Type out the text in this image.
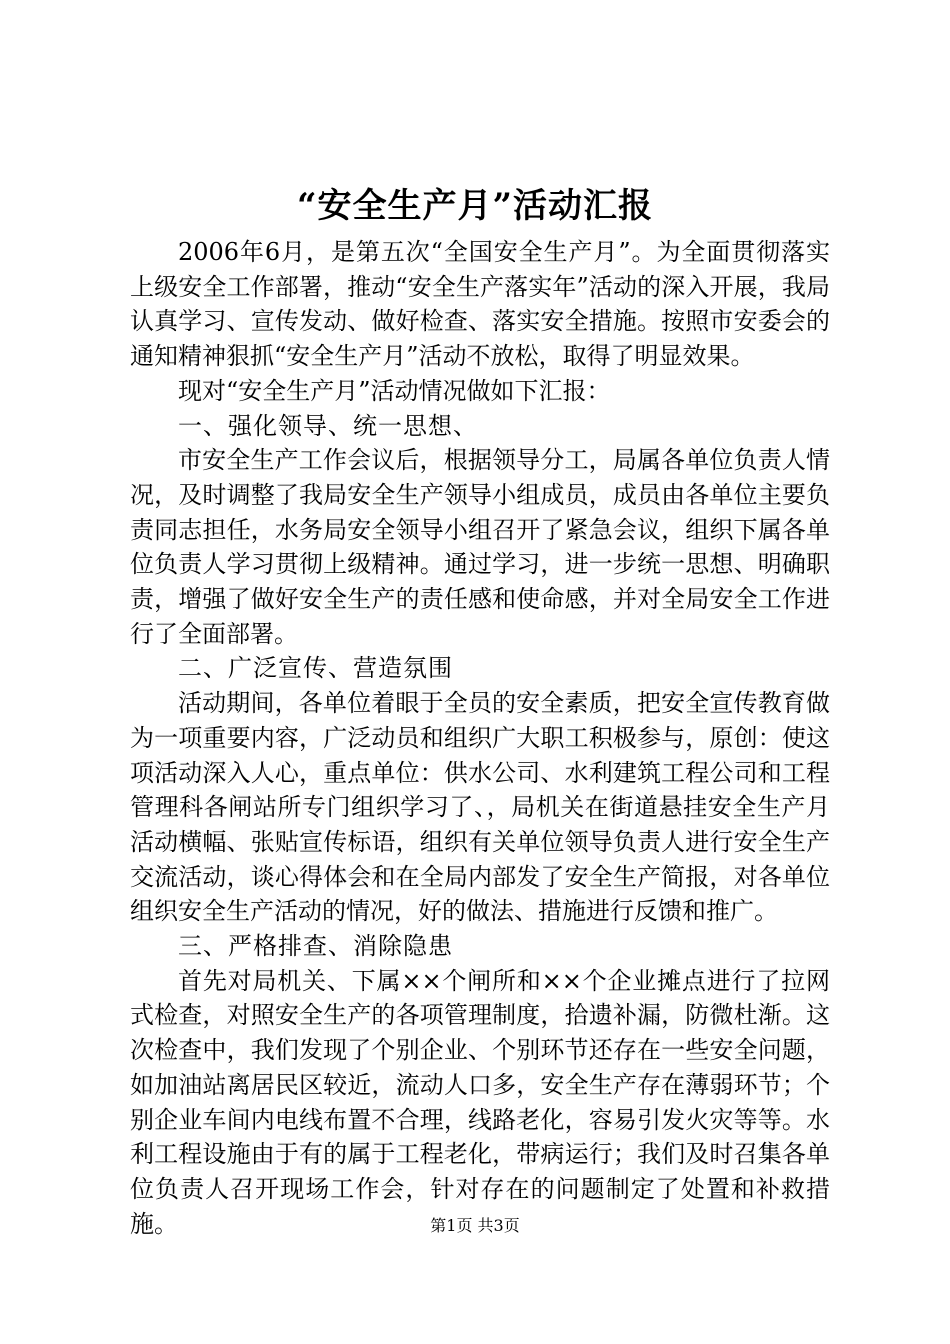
“安全生产月”活动汇报

2006年6月，是第五次“全国安全生产月”。为全面贯彻落实上级安全工作部署，推动“安全生产落实年”活动的深入开展，我局认真学习、宣传发动、做好检查、落实安全措施。按照市安委会的通知精神狠抓“安全生产月”活动不放松，取得了明显效果。

现对“安全生产月”活动情况做如下汇报：

一、强化领导、统一思想、

市安全生产工作会议后，根据领导分工，局属各单位负责人情况，及时调整了我局安全生产领导小组成员，成员由各单位主要负责同志担任，水务局安全领导小组召开了紧急会议，组织下属各单位负责人学习贯彻上级精神。通过学习，进一步统一思想、明确职责，增强了做好安全生产的责任感和使命感，并对全局安全工作进行了全面部署。

二、广泛宣传、营造氛围

活动期间，各单位着眼于全员的安全素质，把安全宣传教育做为一项重要内容，广泛动员和组织广大职工积极参与，原创：使这项活动深入人心，重点单位：供水公司、水利建筑工程公司和工程管理科各闸站所专门组织学习了、，局机关在街道悬挂安全生产月活动横幅、张贴宣传标语，组织有关单位领导负责人进行安全生产交流活动，谈心得体会和在全局内部发了安全生产简报，对各单位组织安全生产活动的情况，好的做法、措施进行反馈和推广。

三、严格排查、消除隐患

首先对局机关、下属××个闸所和××个企业摊点进行了拉网式检查，对照安全生产的各项管理制度，拾遗补漏，防微杜渐。这次检查中，我们发现了个别企业、个别环节还存在一些安全问题，如加油站离居民区较近，流动人口多，安全生产存在薄弱环节；个别企业车间内电线布置不合理，线路老化，容易引发火灾等等。水利工程设施由于有的属于工程老化，带病运行；我们及时召集各单位负责人召开现场工作会，针对存在的问题制定了处置和补救措施。	第1页 共3页
